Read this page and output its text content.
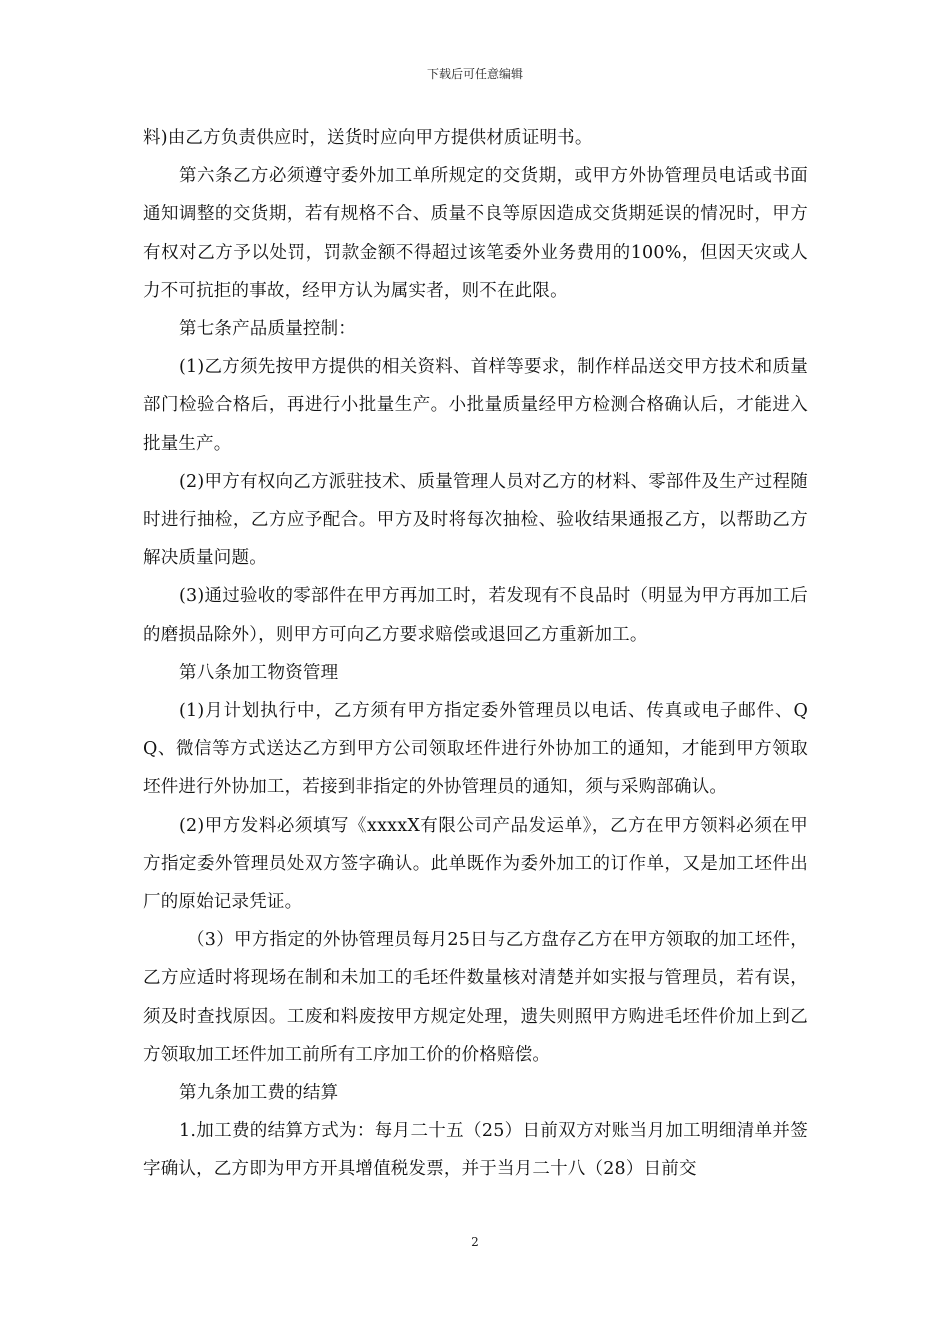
下载后可任意编辑

料)由乙方负责供应时，送货时应向甲方提供材质证明书。

第六条乙方必须遵守委外加工单所规定的交货期，或甲方外协管理员电话或书面通知调整的交货期，若有规格不合、质量不良等原因造成交货期延误的情况时，甲方有权对乙方予以处罚，罚款金额不得超过该笔委外业务费用的100%，但因天灾或人力不可抗拒的事故，经甲方认为属实者，则不在此限。

第七条产品质量控制：

(1)乙方须先按甲方提供的相关资料、首样等要求，制作样品送交甲方技术和质量部门检验合格后，再进行小批量生产。小批量质量经甲方检测合格确认后，才能进入批量生产。

(2)甲方有权向乙方派驻技术、质量管理人员对乙方的材料、零部件及生产过程随时进行抽检，乙方应予配合。甲方及时将每次抽检、验收结果通报乙方，以帮助乙方解决质量问题。

(3)通过验收的零部件在甲方再加工时，若发现有不良品时（明显为甲方再加工后的磨损品除外），则甲方可向乙方要求赔偿或退回乙方重新加工。

第八条加工物资管理

(1)月计划执行中，乙方须有甲方指定委外管理员以电话、传真或电子邮件、QQ、微信等方式送达乙方到甲方公司领取坯件进行外协加工的通知，才能到甲方领取坯件进行外协加工，若接到非指定的外协管理员的通知，须与采购部确认。

(2)甲方发料必须填写《xxxxX有限公司产品发运单》，乙方在甲方领料必须在甲方指定委外管理员处双方签字确认。此单既作为委外加工的订作单，又是加工坯件出厂的原始记录凭证。

（3）甲方指定的外协管理员每月25日与乙方盘存乙方在甲方领取的加工坯件，乙方应适时将现场在制和未加工的毛坯件数量核对清楚并如实报与管理员，若有误，须及时查找原因。工废和料废按甲方规定处理，遗失则照甲方购进毛坯件价加上到乙方领取加工坯件加工前所有工序加工价的价格赔偿。

第九条加工费的结算

1.加工费的结算方式为：每月二十五（25）日前双方对账当月加工明细清单并签字确认，乙方即为甲方开具增值税发票，并于当月二十八（28）日前交

2
